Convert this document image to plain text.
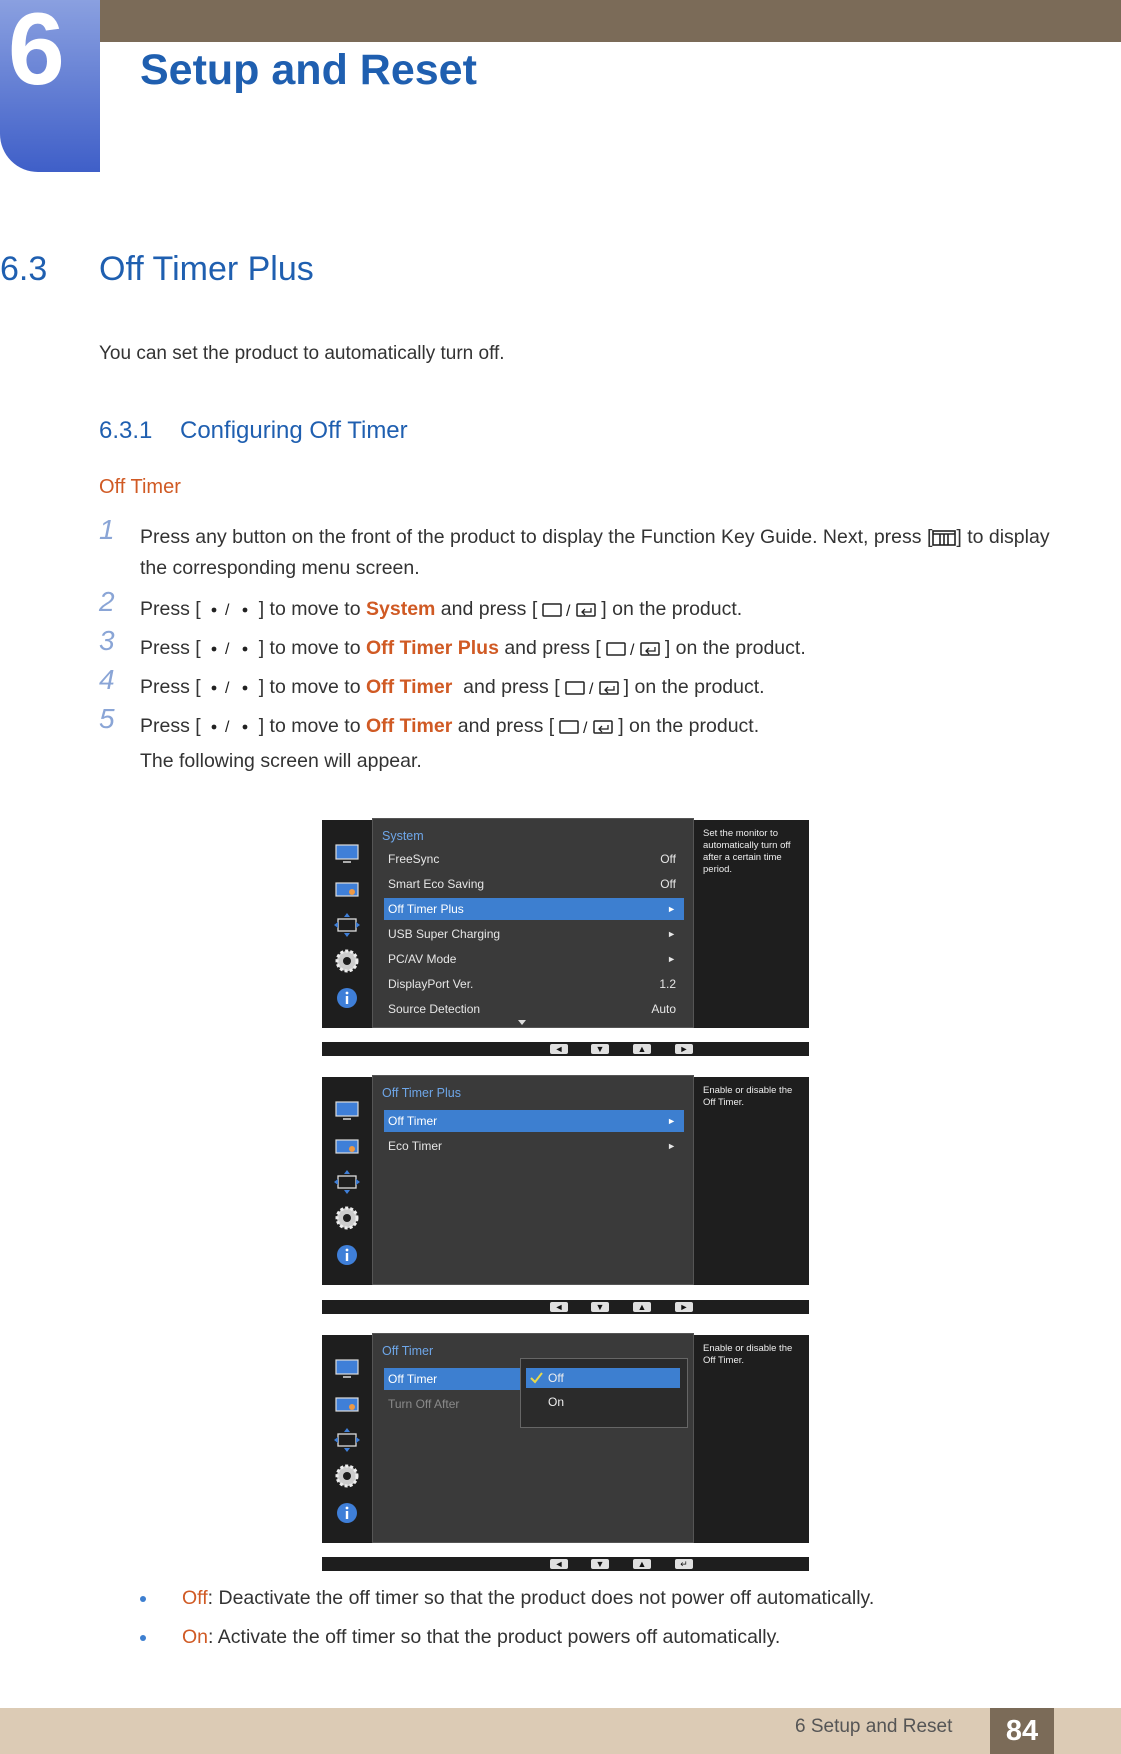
6 Setup and Reset
6.3 Off Timer Plus
You can set the product to automatically turn off.
6.3.1 Configuring Off Timer
Off Timer
1 Press any button on the front of the product to display the Function Key Guide. Next, press [ ] to display the corresponding menu screen.
2 Press [ / ] to move to System and press [ / ] on the product.
3 Press [ / ] to move to Off Timer Plus and press [ / ] on the product.
4 Press [ / ] to move to Off Timer  and press [ / ] on the product.
5 Press [ / ] to move to Off Timer and press [ / ] on the product.
The following screen will appear.
System
FreeSync	Off
Smart Eco Saving	Off
Off Timer Plus	►
USB Super Charging	►
PC/AV Mode	►
DisplayPort Ver.	1.2
Source Detection	Auto
Set the monitor to automatically turn off after a certain time period.
◄	▼	▲	►
Off Timer Plus
Off Timer	►
Eco Timer	►
Enable or disable the Off Timer.
◄	▼	▲	►
Off Timer
Off Timer
Turn Off After
Off
On
Enable or disable the Off Timer.
◄	▼	▲	↵
Off: Deactivate the off timer so that the product does not power off automatically.
On: Activate the off timer so that the product powers off automatically.
6 Setup and Reset	84
